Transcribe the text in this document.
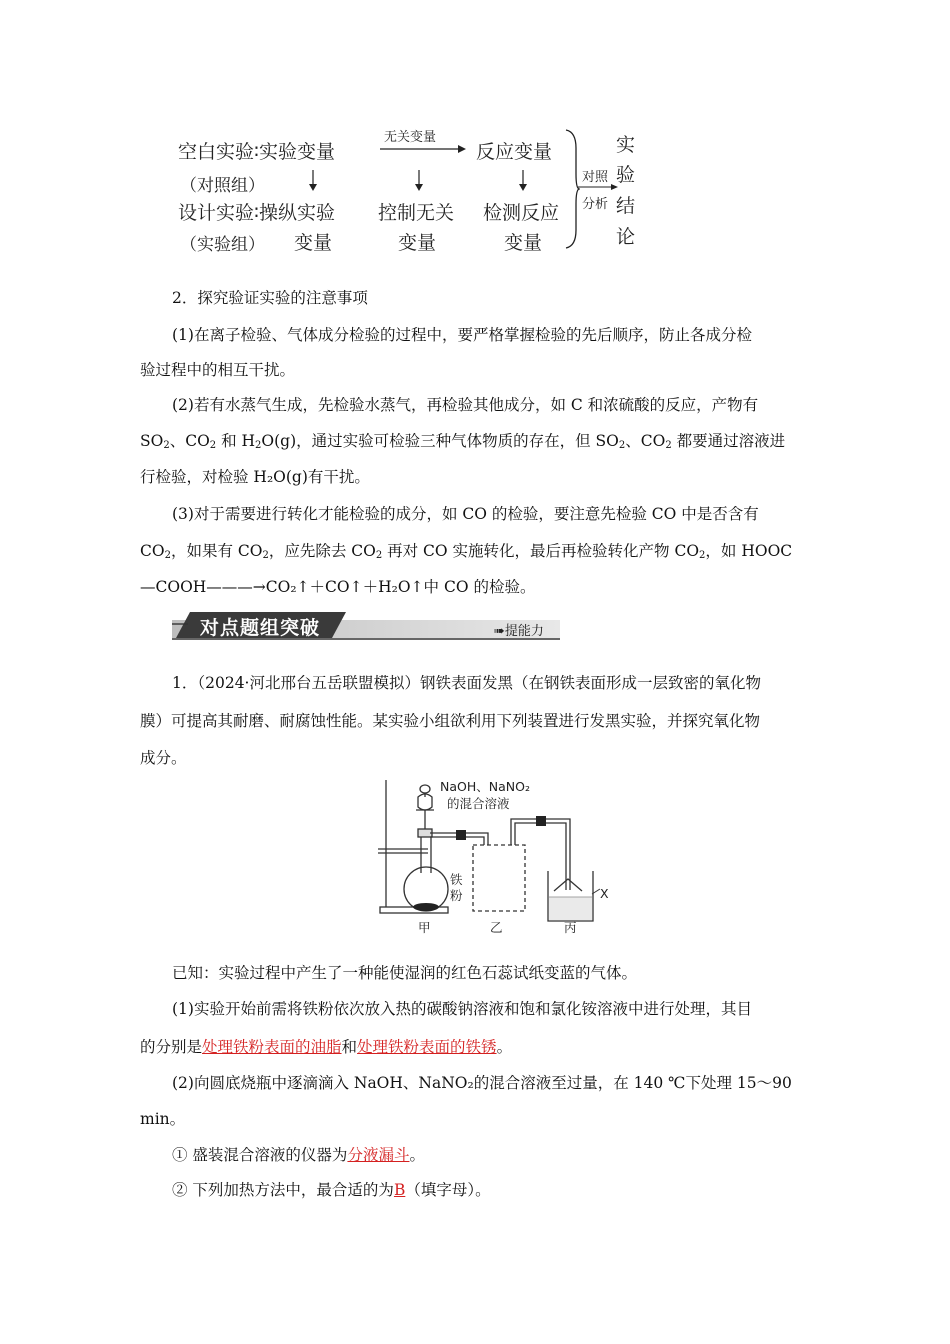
空白实验∶实验变量
无关变量
反应变量
（对照组）
设计实验∶操纵实验 控制无关 检测反应
（实验组） 变量	变量	变量
对照
分析
实
验
结
论
2．探究验证实验的注意事项
(1)在离子检验、气体成分检验的过程中，要严格掌握检验的先后顺序，防止各成分检
验过程中的相互干扰。
(2)若有水蒸气生成，先检验水蒸气，再检验其他成分，如 C 和浓硫酸的反应，产物有
$SO_2$、$CO_2$ 和 $H_2O(g)$，通过实验可检验三种气体物质的存在，但 $SO_2$、$CO_2$ 都要通过溶液进
行检验，对检验 H₂O(g)有干扰。
(3)对于需要进行转化才能检验的成分，如 CO 的检验，要注意先检验 CO 中是否含有
$CO_2$，如果有 $CO_2$，应先除去 $CO_2$ 再对 CO 实施转化，最后再检验转化产物 $CO_2$，如 HOOC
—COOH———→CO₂↑＋CO↑＋H₂O↑中 CO 的检验。
对点题组突破	➠提能力
1．（2024·河北邢台五岳联盟模拟）钢铁表面发黑（在钢铁表面形成一层致密的氧化物
膜）可提高其耐磨、耐腐蚀性能。某实验小组欲利用下列装置进行发黑实验，并探究氧化物
成分。
NaOH、NaNO₂
的混合溶液
铁
粉	X
甲	乙	丙
已知：实验过程中产生了一种能使湿润的红色石蕊试纸变蓝的气体。
(1)实验开始前需将铁粉依次放入热的碳酸钠溶液和饱和氯化铵溶液中进行处理，其目
的分别是处理铁粉表面的油脂和处理铁粉表面的铁锈。
(2)向圆底烧瓶中逐滴滴入 NaOH、NaNO₂的混合溶液至过量，在 140 ℃下处理 15～90
min。
① 盛装混合溶液的仪器为分液漏斗。
② 下列加热方法中，最合适的为B（填字母）。
